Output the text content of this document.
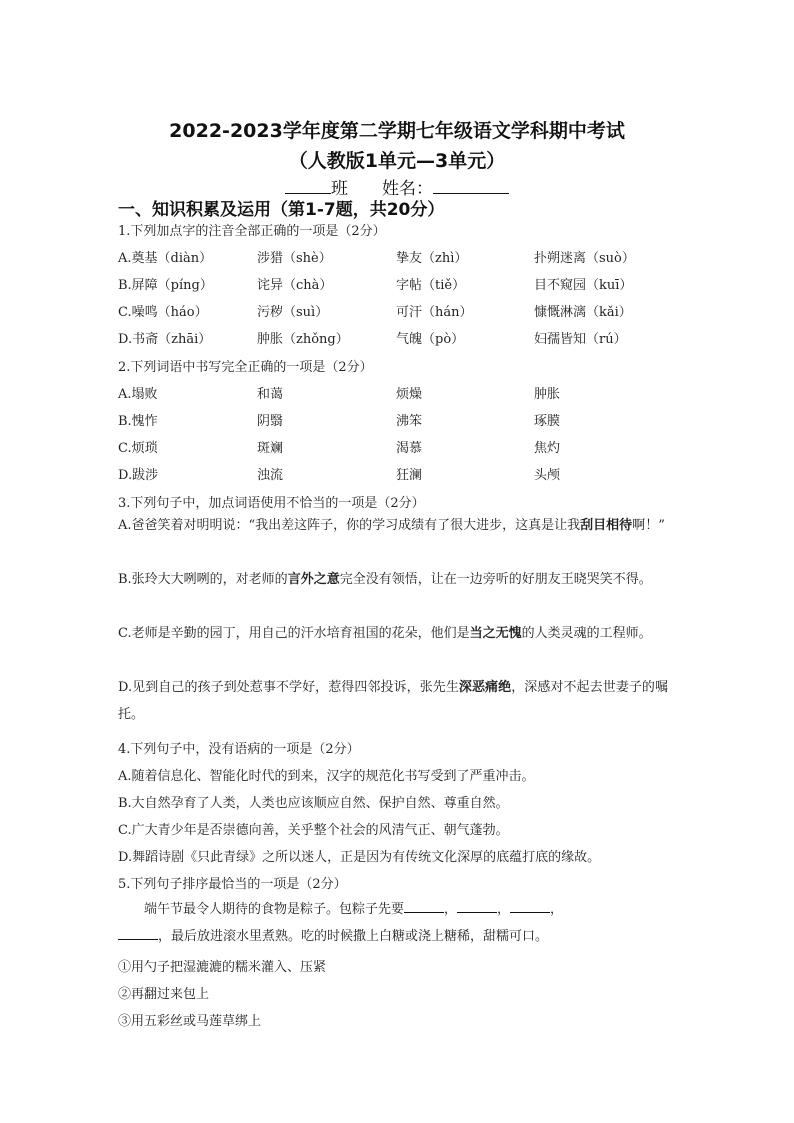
2022-2023学年度第二学期七年级语文学科期中考试
（人教版1单元—3单元）
班 姓名：
一、知识积累及运用（第1-7题，共20分）
1.下列加点字的注音全部正确的一项是（2分）
A.奠基（diàn）	涉猎（shè）	挚友（zhì）	扑朔迷离（suò）
B.屏障（píng）	诧异（chà）	字帖（tiě）	目不窥园（kuī）
C.噪鸣（háo）	污秽（suì）	可汗（hán）	慷慨淋漓（kǎi）
D.书斋（zhāi）	肿胀（zhǒng）	气魄（pò）	妇孺皆知（rú）
2.下列词语中书写完全正确的一项是（2分）
A.塌败	和蔼	烦燥	肿胀
B.愧怍	阴翳	沸笨	琢膜
C.烦琐	斑斓	渴慕	焦灼
D.跋涉	浊流	狂澜	头颅
3.下列句子中，加点词语使用不恰当的一项是（2分）
A.爸爸笑着对明明说：“我出差这阵子，你的学习成绩有了很大进步，这真是让我刮目相待啊！”
B.张玲大大咧咧的，对老师的言外之意完全没有领悟，让在一边旁听的好朋友王晓哭笑不得。
C.老师是辛勤的园丁，用自己的汗水培育祖国的花朵，他们是当之无愧的人类灵魂的工程师。
D.见到自己的孩子到处惹事不学好，惹得四邻投诉，张先生深恶痛绝，深感对不起去世妻子的嘱托。
4.下列句子中，没有语病的一项是（2分）
A.随着信息化、智能化时代的到来，汉字的规范化书写受到了严重冲击。
B.大自然孕育了人类，人类也应该顺应自然、保护自然、尊重自然。
C.广大青少年是否崇德向善，关乎整个社会的风清气正、朝气蓬勃。
D.舞蹈诗剧《只此青绿》之所以迷人，正是因为有传统文化深厚的底蕴打底的缘故。
5.下列句子排序最恰当的一项是（2分）
端午节最令人期待的食物是粽子。包粽子先要	，	，	，
，最后放进滚水里煮熟。吃的时候撒上白糖或浇上糖稀，甜糯可口。
①用勺子把湿漉漉的糯米灌入、压紧
②再翻过来包上
③用五彩丝或马莲草绑上
